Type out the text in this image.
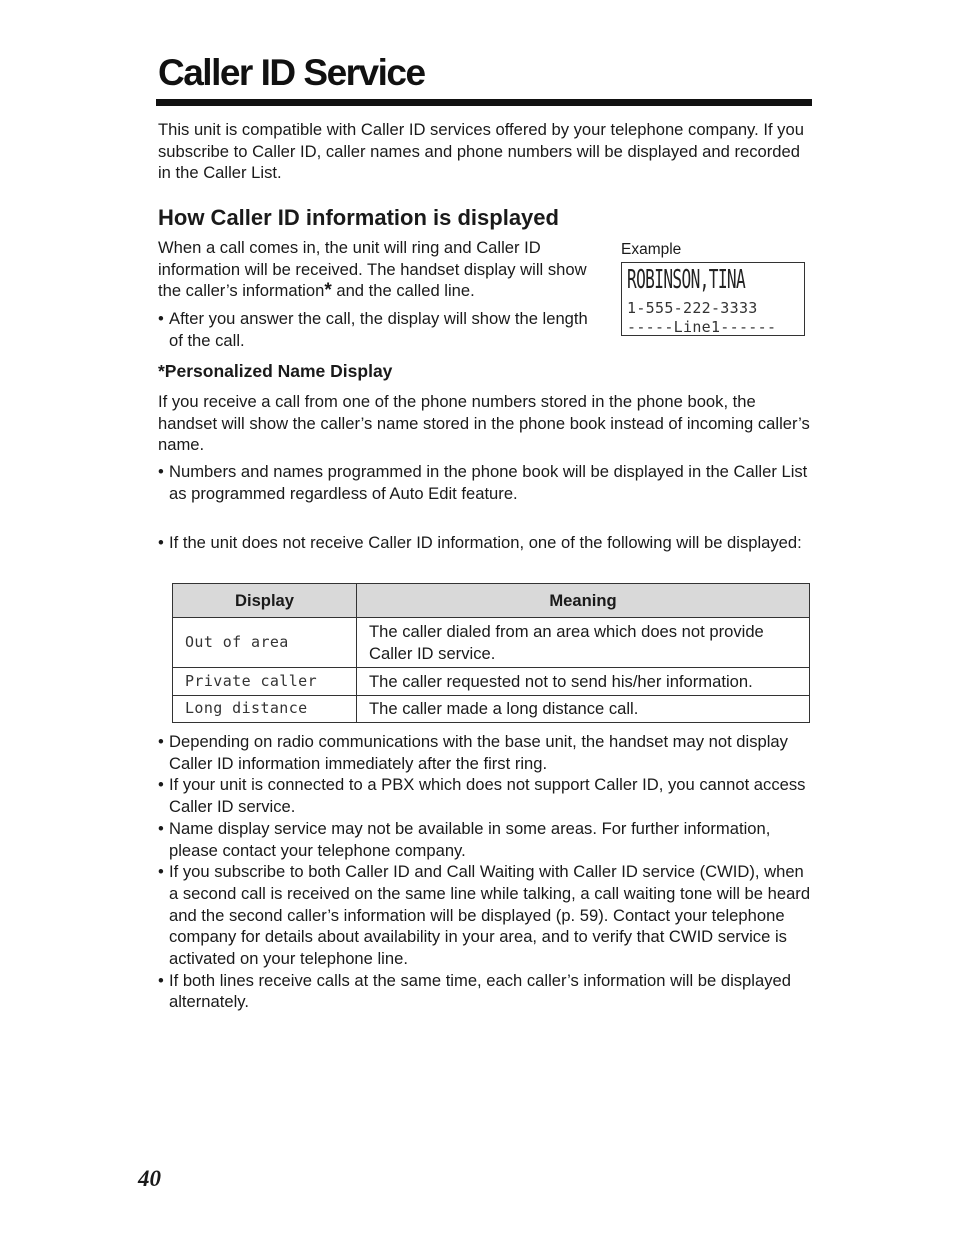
Caller ID Service

This unit is compatible with Caller ID services offered by your telephone company. If you subscribe to Caller ID, caller names and phone numbers will be displayed and recorded in the Caller List.

How Caller ID information is displayed

When a call comes in, the unit will ring and Caller ID information will be received. The handset display will show the caller’s information* and the called line.

• After you answer the call, the display will show the length of the call.
Example
ROBINSON,TINA
1-555-222-3333
-----Line1------
*Personalized Name Display

If you receive a call from one of the phone numbers stored in the phone book, the handset will show the caller’s name stored in the phone book instead of incoming caller’s name.

• Numbers and names programmed in the phone book will be displayed in the Caller List as programmed regardless of Auto Edit feature.
• If the unit does not receive Caller ID information, one of the following will be displayed:
Display	Meaning
Out of area	The caller dialed from an area which does not provide Caller ID service.
Private caller	The caller requested not to send his/her information.
Long distance	The caller made a long distance call.
• Depending on radio communications with the base unit, the handset may not display Caller ID information immediately after the first ring.
• If your unit is connected to a PBX which does not support Caller ID, you cannot access Caller ID service.
• Name display service may not be available in some areas. For further information, please contact your telephone company.
• If you subscribe to both Caller ID and Call Waiting with Caller ID service (CWID), when a second call is received on the same line while talking, a call waiting tone will be heard and the second caller’s information will be displayed (p. 59). Contact your telephone company for details about availability in your area, and to verify that CWID service is activated on your telephone line.
• If both lines receive calls at the same time, each caller’s information will be displayed alternately.
40
